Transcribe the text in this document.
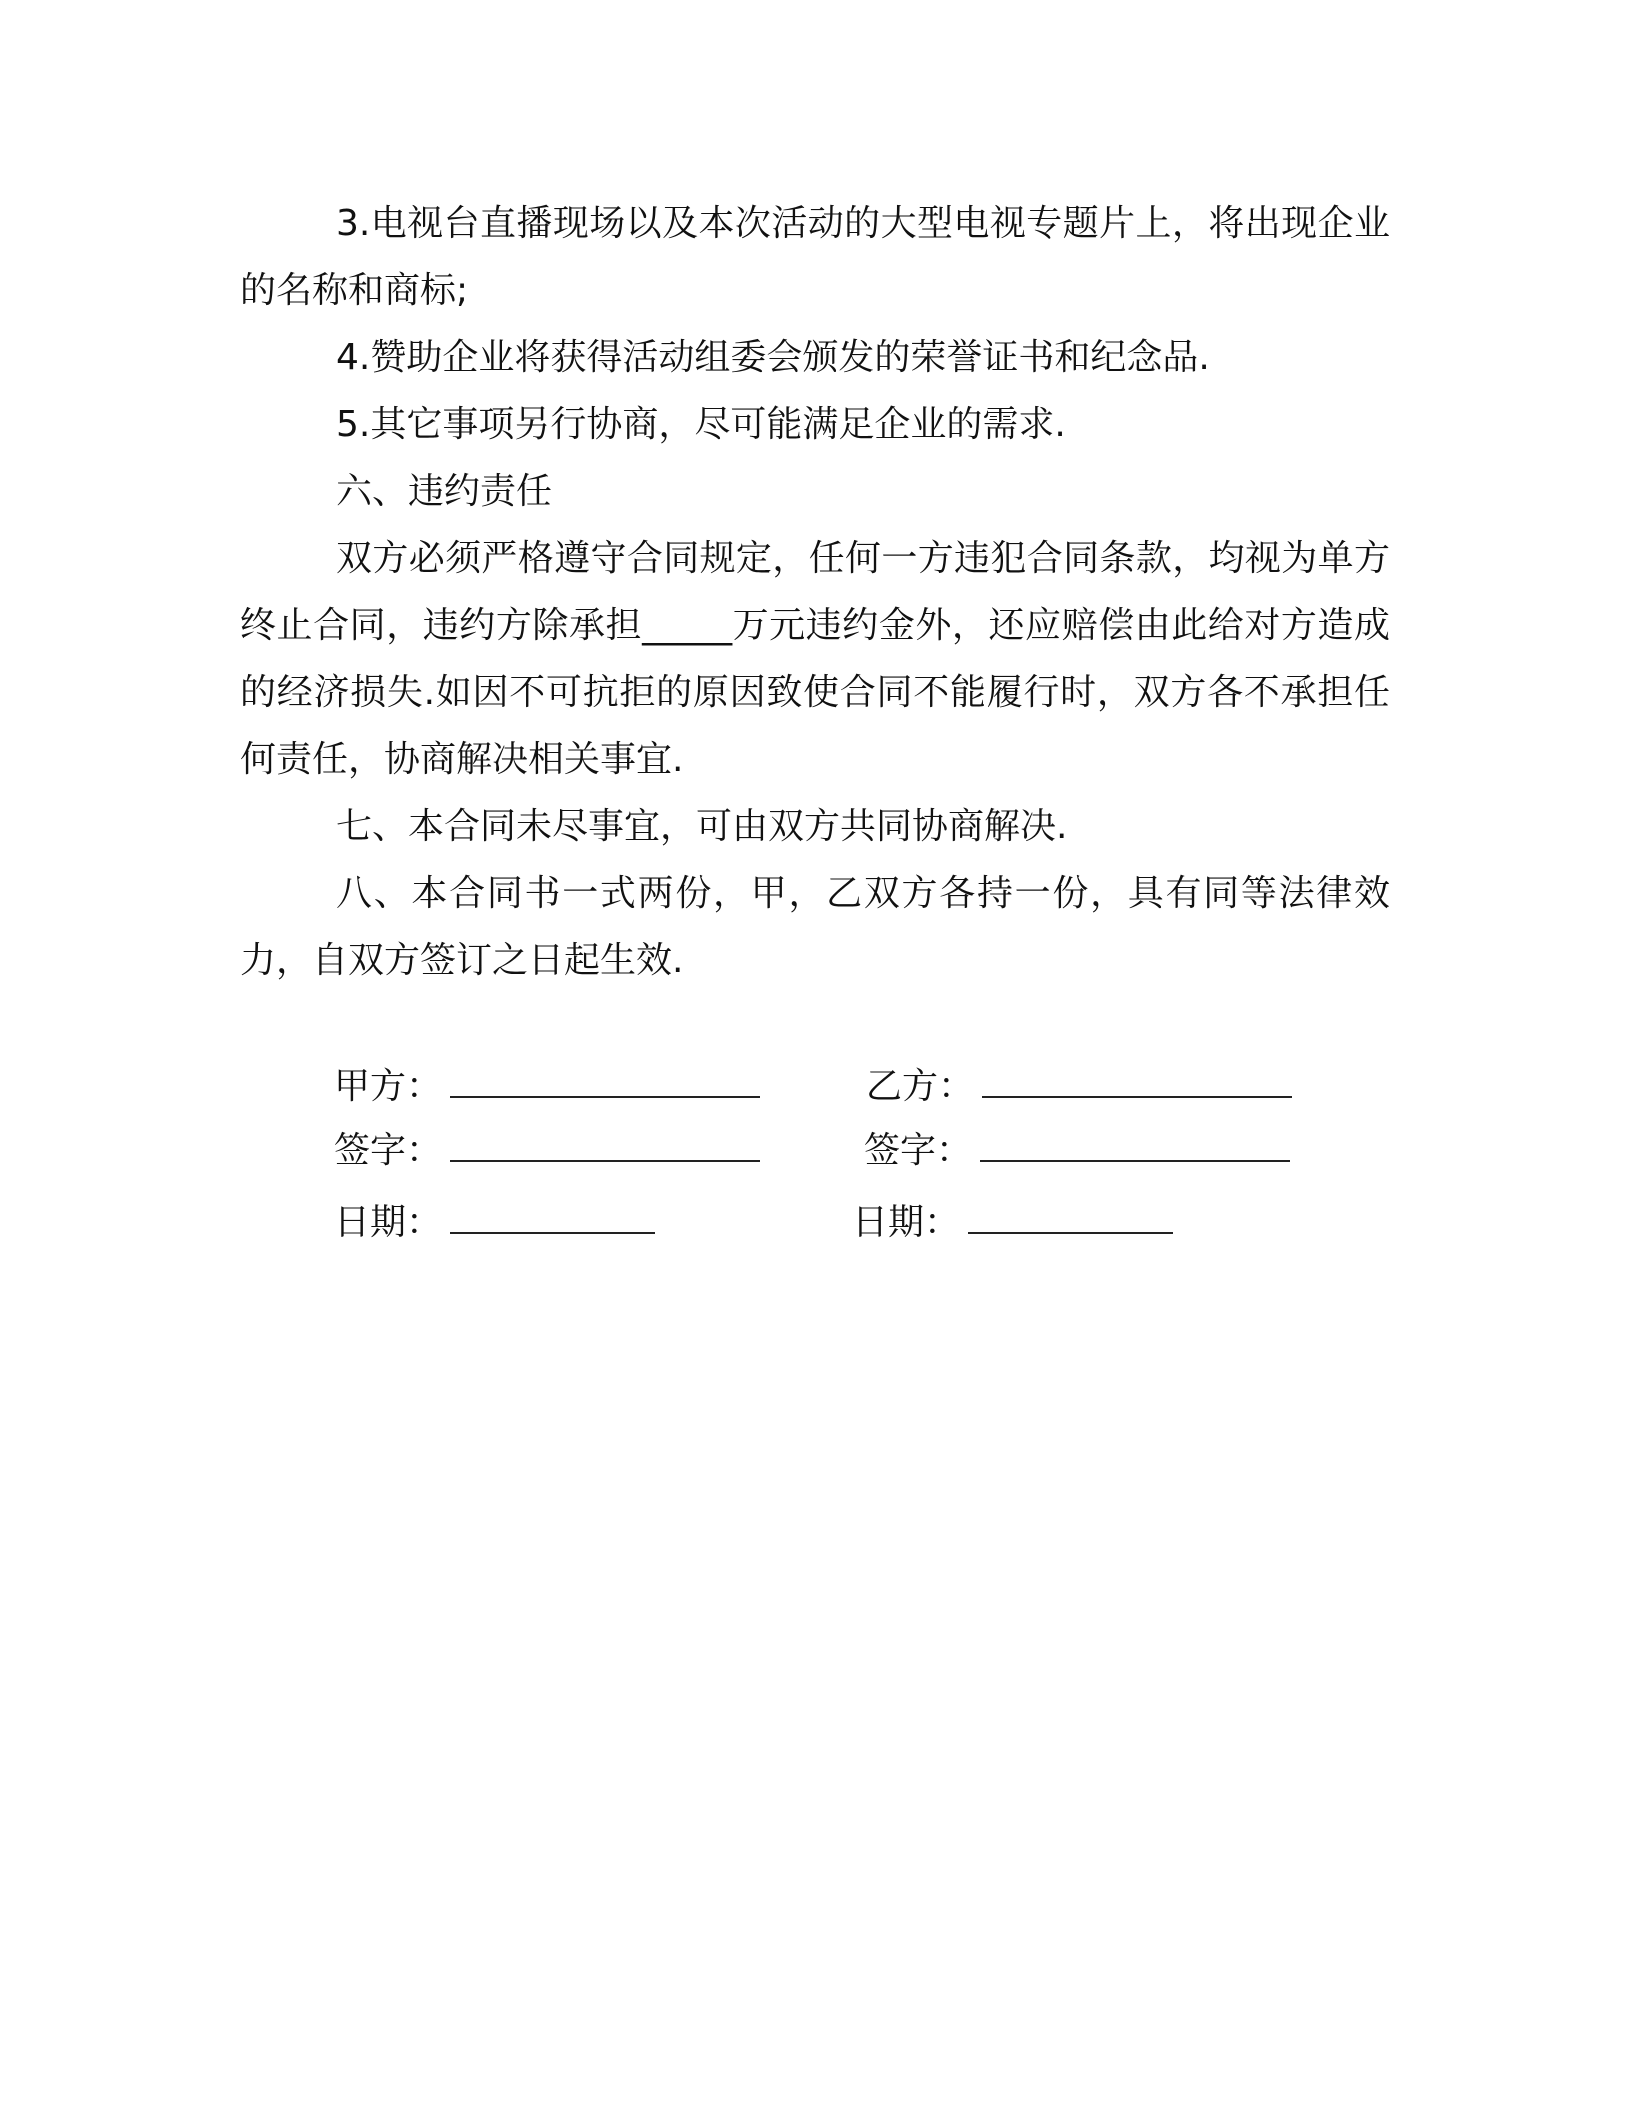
3.电视台直播现场以及本次活动的大型电视专题片上，将出现企业的名称和商标;

4.赞助企业将获得活动组委会颁发的荣誉证书和纪念品.

5.其它事项另行协商，尽可能满足企业的需求.

六、违约责任

双方必须严格遵守合同规定，任何一方违犯合同条款，均视为单方终止合同，违约方除承担_____万元违约金外，还应赔偿由此给对方造成的经济损失.如因不可抗拒的原因致使合同不能履行时，双方各不承担任何责任，协商解决相关事宜.

七、本合同未尽事宜，可由双方共同协商解决.

八、本合同书一式两份，甲，乙双方各持一份，具有同等法律效力，自双方签订之日起生效.

甲方：	乙方：
签字：	签字：
日期：	日期：
